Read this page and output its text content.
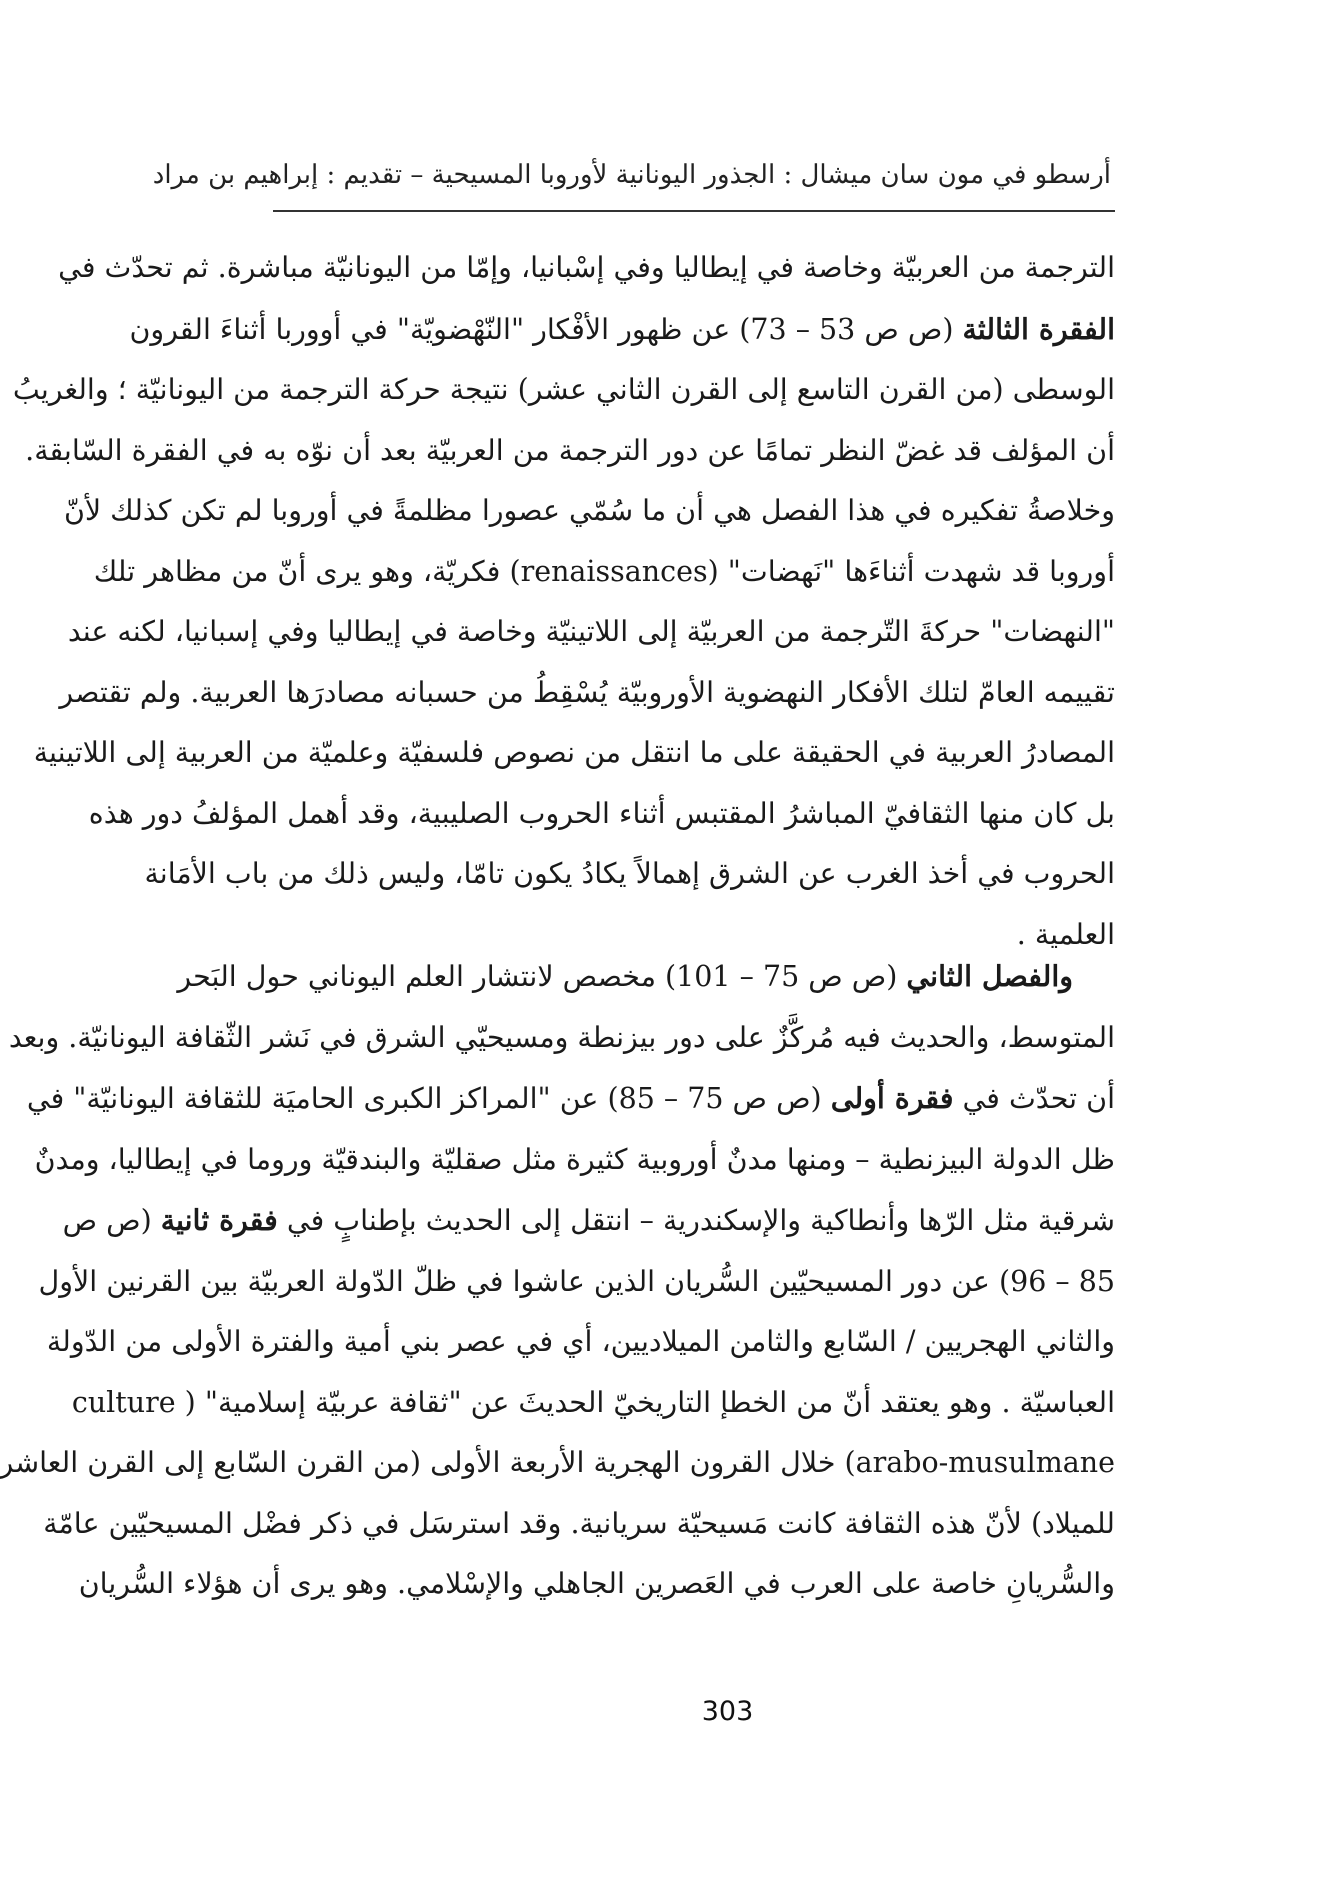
أرسطو في مون سان ميشال : الجذور اليونانية لأوروبا المسيحية – تقديم : إبراهيم بن مراد
الترجمة من العربيّة وخاصة في إيطاليا وفي إسْبانيا، وإمّا من اليونانيّة مباشرة. ثم تحدّث في
الفقرة الثالثة (ص ص 53 – 73) عن ظهور الأفْكار "النّهْضويّة" في أووربا أثناءَ القرون
الوسطى (من القرن التاسع إلى القرن الثاني عشر) نتيجة حركة الترجمة من اليونانيّة ؛ والغريبُ
أن المؤلف قد غضّ النظر تمامًا عن دور الترجمة من العربيّة بعد أن نوّه به في الفقرة السّابقة.
وخلاصةُ تفكيره في هذا الفصل هي أن ما سُمّي عصورا مظلمةً في أوروبا لم تكن كذلك لأنّ
أوروبا قد شهدت أثناءَها "نَهضات" (renaissances) فكريّة، وهو يرى أنّ من مظاهر تلك
"النهضات" حركةَ التّرجمة من العربيّة إلى اللاتينيّة وخاصة في إيطاليا وفي إسبانيا، لكنه عند
تقييمه العامّ لتلك الأفكار النهضوية الأوروبيّة يُسْقِطُ من حسبانه مصادرَها العربية. ولم تقتصر
المصادرُ العربية في الحقيقة على ما انتقل من نصوص فلسفيّة وعلميّة من العربية إلى اللاتينية
بل كان منها الثقافيّ المباشرُ المقتبس أثناء الحروب الصليبية، وقد أهمل المؤلفُ دور هذه
الحروب في أخذ الغرب عن الشرق إهمالاً يكادُ يكون تامّا، وليس ذلك من باب الأمَانة
العلمية .
والفصل الثاني (ص ص 75 – 101) مخصص لانتشار العلم اليوناني حول البَحر
المتوسط، والحديث فيه مُركَّزٌ على دور بيزنطة ومسيحيّي الشرق في نَشر الثّقافة اليونانيّة. وبعد
أن تحدّث في فقرة أولى (ص ص 75 – 85) عن "المراكز الكبرى الحاميَة للثقافة اليونانيّة" في
ظل الدولة البيزنطية – ومنها مدنٌ أوروبية كثيرة مثل صقليّة والبندقيّة وروما في إيطاليا، ومدنٌ
شرقية مثل الرّها وأنطاكية والإسكندرية – انتقل إلى الحديث بإطنابٍ في فقرة ثانية (ص ص
85 – 96) عن دور المسيحيّين السُّريان الذين عاشوا في ظلّ الدّولة العربيّة بين القرنين الأول
والثاني الهجريين / السّابع والثامن الميلاديين، أي في عصر بني أمية والفترة الأولى من الدّولة
العباسيّة . وهو يعتقد أنّ من الخطإ التاريخيّ الحديثَ عن "ثقافة عربيّة إسلامية" ( culture
arabo-musulmane) خلال القرون الهجرية الأربعة الأولى (من القرن السّابع إلى القرن العاشر
للميلاد) لأنّ هذه الثقافة كانت مَسيحيّة سريانية. وقد استرسَل في ذكر فضْل المسيحيّين عامّة
والسُّريانِ خاصة على العرب في العَصرين الجاهلي والإسْلامي. وهو يرى أن هؤلاء السُّريان
303
